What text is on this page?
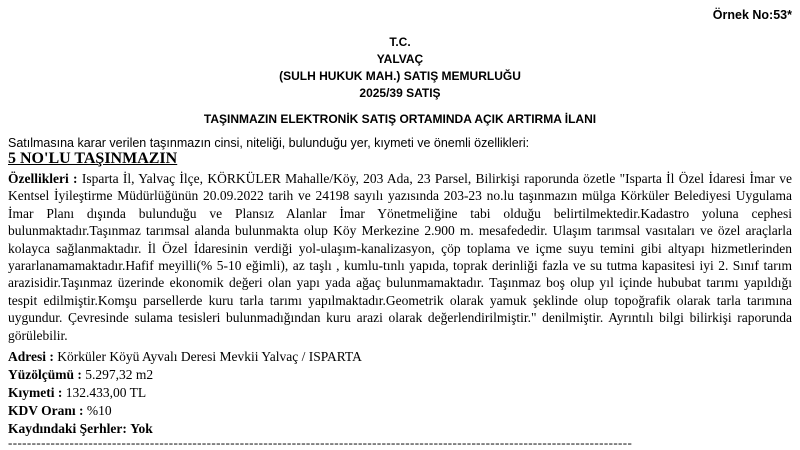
Örnek No:53*
T.C.
YALVAÇ
(SULH HUKUK MAH.) SATIŞ MEMURLUĞU
2025/39 SATIŞ
TAŞINMAZIN ELEKTRONİK SATIŞ ORTAMINDA AÇIK ARTIRMA İLANI
Satılmasına karar verilen taşınmazın cinsi, niteliği, bulunduğu yer, kıymeti ve önemli özellikleri:
5 NO'LU TAŞINMAZIN
Özellikleri : Isparta İl, Yalvaç İlçe, KÖRKÜLER Mahalle/Köy, 203 Ada, 23 Parsel, Bilirkişi raporunda özetle "Isparta İl Özel İdaresi İmar ve Kentsel İyileştirme Müdürlüğünün 20.09.2022 tarih ve 24198 sayılı yazısında 203-23 no.lu taşınmazın mülga Körküler Belediyesi Uygulama İmar Planı dışında bulunduğu ve Plansız Alanlar İmar Yönetmeliğine tabi olduğu belirtilmektedir.Kadastro yoluna cephesi bulunmaktadır.Taşınmaz tarımsal alanda bulunmakta olup Köy Merkezine 2.900 m. mesafededir. Ulaşım tarımsal vasıtaları ve özel araçlarla kolayca sağlanmaktadır. İl Özel İdaresinin verdiği yol-ulaşım-kanalizasyon, çöp toplama ve içme suyu temini gibi altyapı hizmetlerinden yararlanamamaktadır.Hafif meyilli(% 5-10 eğimli), az taşlı , kumlu-tınlı yapıda, toprak derinliği fazla ve su tutma kapasitesi iyi 2. Sınıf tarım arazisidir.Taşınmaz üzerinde ekonomik değeri olan yapı yada ağaç bulunmamaktadır. Taşınmaz boş olup yıl içinde hububat tarımı yapıldığı tespit edilmiştir.Komşu parsellerde kuru tarla tarımı yapılmaktadır.Geometrik olarak yamuk şeklinde olup topoğrafik olarak tarla tarımına uygundur. Çevresinde sulama tesisleri bulunmadığından kuru arazi olarak değerlendirilmiştir." denilmiştir. Ayrıntılı bilgi bilirkişi raporunda görülebilir.
Adresi : Körküler Köyü Ayvalı Deresi Mevkii Yalvaç / ISPARTA
Yüzölçümü : 5.297,32 m2
Kıymeti : 132.433,00 TL
KDV Oranı : %10
Kaydındaki Şerhler: Yok
------------------------------------------------------------------------------------------------------------------------------------
